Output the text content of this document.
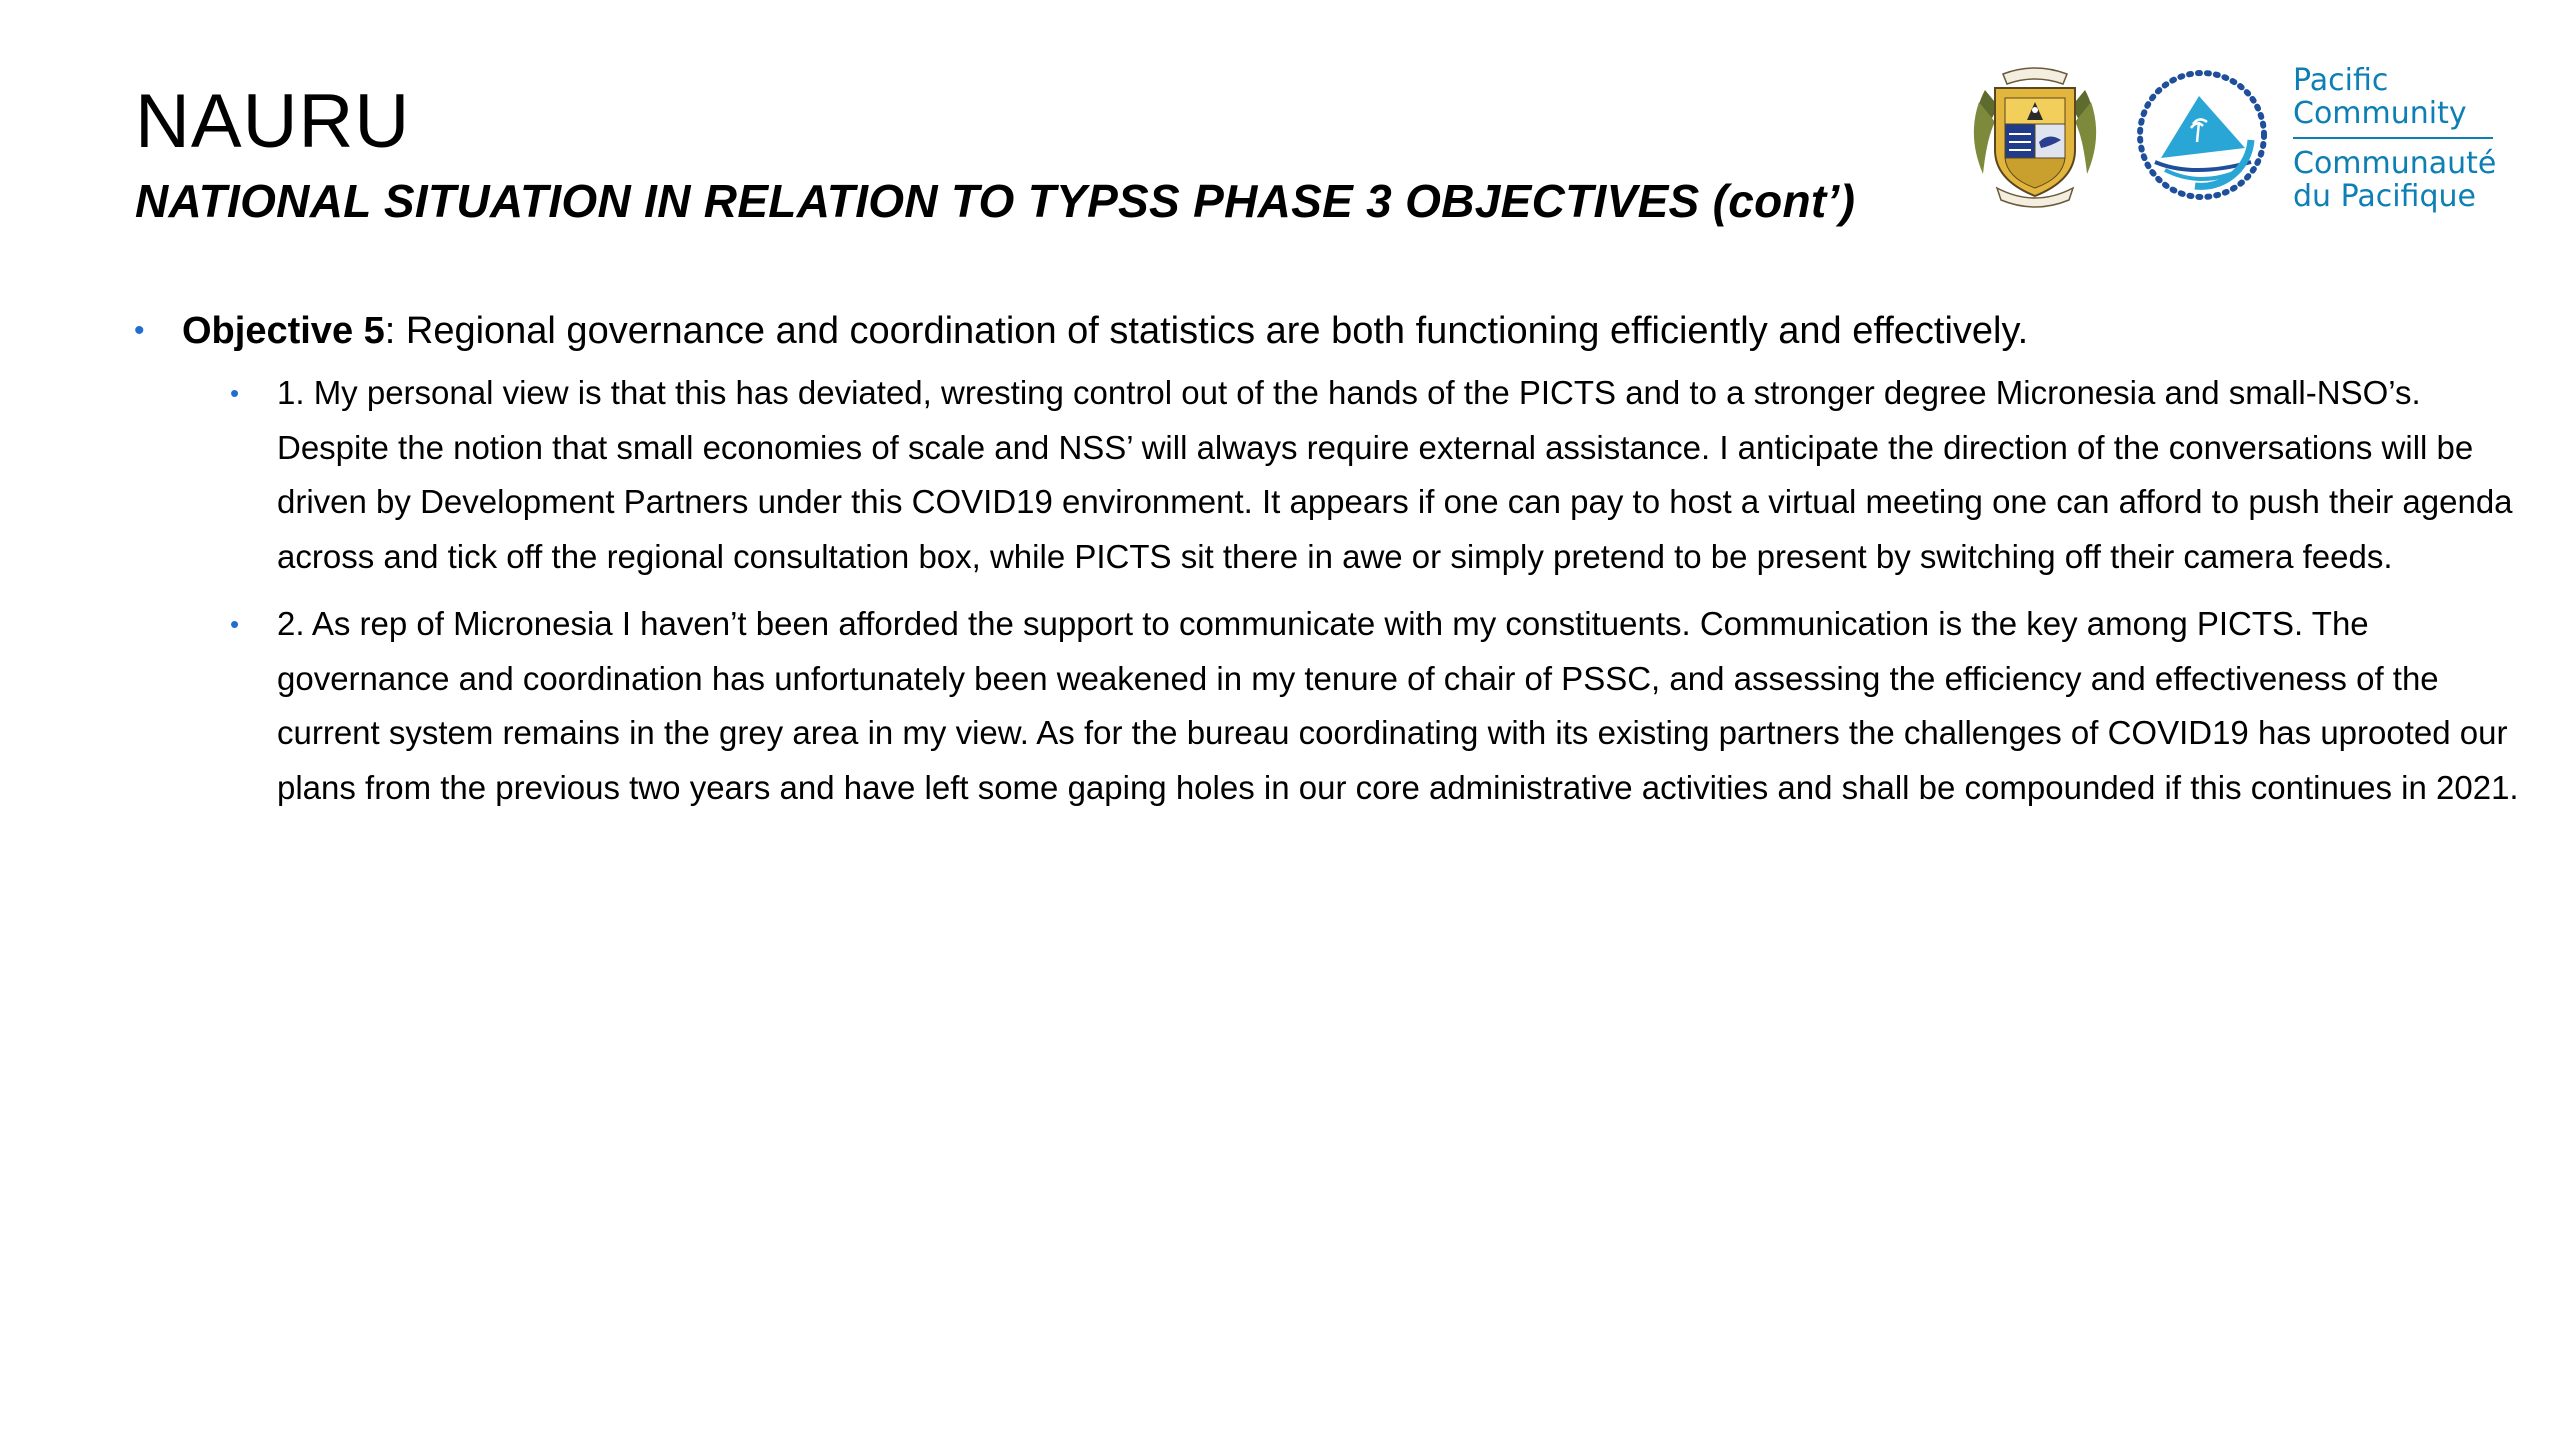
NAURU
NATIONAL SITUATION IN RELATION TO TYPSS PHASE 3 OBJECTIVES (cont’)
Pacific
Community
Communauté
du Pacifique
• Objective 5: Regional governance and coordination of statistics are both functioning efficiently and effectively.
• 1. My personal view is that this has deviated, wresting control out of the hands of the PICTS and to a stronger degree Micronesia and small-NSO’s. Despite the notion that small economies of scale and NSS’ will always require external assistance. I anticipate the direction of the conversations will be driven by Development Partners under this COVID19 environment. It appears if one can pay to host a virtual meeting one can afford to push their agenda across and tick off the regional consultation box, while PICTS sit there in awe or simply pretend to be present by switching off their camera feeds.
• 2. As rep of Micronesia I haven’t been afforded the support to communicate with my constituents. Communication is the key among PICTS. The governance and coordination has unfortunately been weakened in my tenure of chair of PSSC, and assessing the efficiency and effectiveness of the current system remains in the grey area in my view. As for the bureau coordinating with its existing partners the challenges of COVID19 has uprooted our plans from the previous two years and have left some gaping holes in our core administrative activities and shall be compounded if this continues in 2021.
